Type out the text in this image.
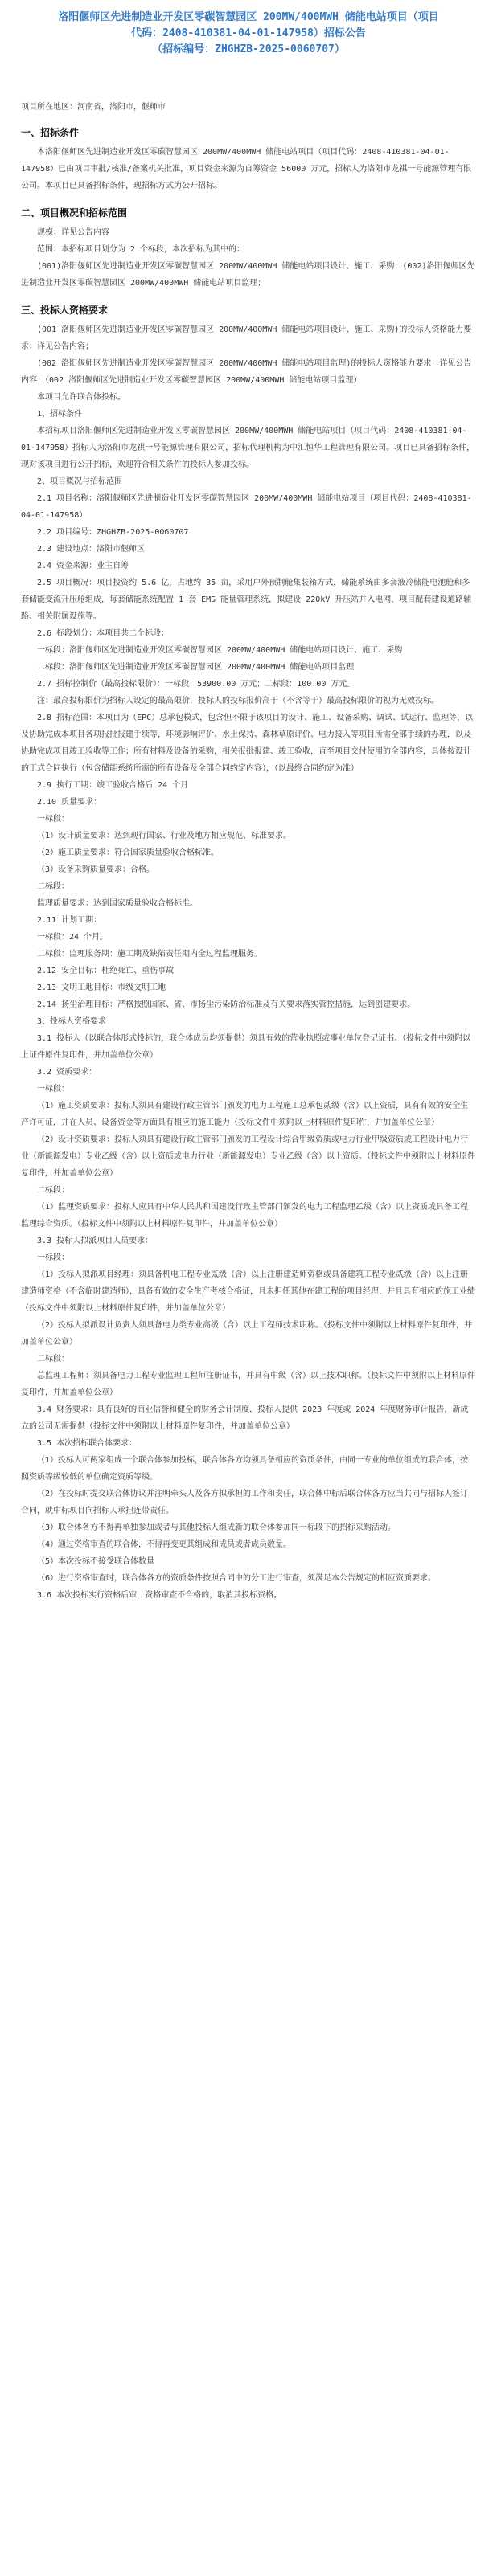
洛阳偃师区先进制造业开发区零碳智慧园区 200MW/400MWH 储能电站项目（项目
代码：2408-410381-04-01-147958）招标公告
（招标编号：ZHGHZB-2025-0060707）
项目所在地区：河南省，洛阳市，偃师市
一、招标条件

本洛阳偃师区先进制造业开发区零碳智慧园区 200MW/400MWH 储能电站项目（项目代码：2408-410381-04-01-147958）已由项目审批/核准/备案机关批准，项目资金来源为自筹资金 56000 万元，招标人为洛阳市龙祺一号能源管理有限公司。本项目已具备招标条件，现招标方式为公开招标。

二、项目概况和招标范围

规模：详见公告内容

范围：本招标项目划分为 2 个标段，本次招标为其中的：

(001)洛阳偃师区先进制造业开发区零碳智慧园区 200MW/400MWH 储能电站项目设计、施工、采购；(002)洛阳偃师区先进制造业开发区零碳智慧园区 200MW/400MWH 储能电站项目监理；

三、投标人资格要求

(001 洛阳偃师区先进制造业开发区零碳智慧园区 200MW/400MWH 储能电站项目设计、施工、采购)的投标人资格能力要求：详见公告内容；

(002 洛阳偃师区先进制造业开发区零碳智慧园区 200MW/400MWH 储能电站项目监理)的投标人资格能力要求：详见公告内容；（002 洛阳偃师区先进制造业开发区零碳智慧园区 200MW/400MWH 储能电站项目监理）

本项目允许联合体投标。

1、招标条件

本招标项目洛阳偃师区先进制造业开发区零碳智慧园区 200MW/400MWH 储能电站项目（项目代码：2408-410381-04-01-147958）招标人为洛阳市龙祺一号能源管理有限公司，招标代理机构为中汇恒华工程管理有限公司。项目已具备招标条件，现对该项目进行公开招标，欢迎符合相关条件的投标人参加投标。

2、项目概况与招标范围

2.1 项目名称：洛阳偃师区先进制造业开发区零碳智慧园区 200MW/400MWH 储能电站项目（项目代码：2408-410381-04-01-147958）

2.2 项目编号：ZHGHZB-2025-0060707

2.3 建设地点：洛阳市偃师区

2.4 资金来源：业主自筹

2.5 项目概况：项目投资约 5.6 亿，占地约 35 亩，采用户外预制舱集装箱方式，储能系统由多套液冷储能电池舱和多套储能变流升压舱组成，每套储能系统配置 1 套 EMS 能量管理系统，拟建设 220kV 升压站并入电网，项目配套建设道路辅路、相关附属设施等。

2.6 标段划分：本项目共二个标段：

一标段：洛阳偃师区先进制造业开发区零碳智慧园区 200MW/400MWH 储能电站项目设计、施工、采购

二标段：洛阳偃师区先进制造业开发区零碳智慧园区 200MW/400MWH 储能电站项目监理

2.7 招标控制价（最高投标限价）：一标段：53900.00 万元；二标段：100.00 万元。

注：最高投标限价为招标人设定的最高限价，投标人的投标报价高于（不含等于）最高投标限价的视为无效投标。

2.8 招标范围：本项目为（EPC）总承包模式，包含但不限于该项目的设计、施工、设备采购、调试、试运行、监理等，以及协助完成本项目各项报批报建手续等，环境影响评价、水土保持、森林草原评价、电力接入等项目所需全部手续的办理，以及协助完成项目竣工验收等工作；所有材料及设备的采购，相关报批报建、竣工验收，直至项目交付使用的全部内容，具体按设计的正式合同执行（包含储能系统所需的所有设备及全部合同约定内容），（以最终合同约定为准）

2.9 执行工期：竣工验收合格后 24 个月

2.10 质量要求：

一标段：

（1）设计质量要求：达到现行国家、行业及地方相应规范、标准要求。

（2）施工质量要求：符合国家质量验收合格标准。

（3）设备采购质量要求：合格。

二标段：

监理质量要求：达到国家质量验收合格标准。

2.11 计划工期：

一标段：24 个月。

二标段：监理服务期：施工期及缺陷责任期内全过程监理服务。

2.12 安全目标：杜绝死亡、重伤事故

2.13 文明工地目标：市级文明工地

2.14 扬尘治理目标：严格按照国家、省、市扬尘污染防治标准及有关要求落实管控措施，达到创建要求。

3、投标人资格要求

3.1 投标人（以联合体形式投标的，联合体成员均须提供）须具有效的营业执照或事业单位登记证书。（投标文件中须附以上证件原件复印件，并加盖单位公章）

3.2 资质要求：

一标段：

（1）施工资质要求：投标人须具有建设行政主管部门颁发的电力工程施工总承包贰级（含）以上资质，具有有效的安全生产许可证，并在人员、设备资金等方面具有相应的施工能力（投标文件中须附以上材料原件复印件，并加盖单位公章）

（2）设计资质要求：投标人须具有建设行政主管部门颁发的工程设计综合甲级资质或电力行业甲级资质或工程设计电力行业（新能源发电）专业乙级（含）以上资质或电力行业（新能源发电）专业乙级（含）以上资质。（投标文件中须附以上材料原件复印件，并加盖单位公章）

二标段：

（1）监理资质要求：投标人应具有中华人民共和国建设行政主管部门颁发的电力工程监理乙级（含）以上资质或具备工程监理综合资质。（投标文件中须附以上材料原件复印件，并加盖单位公章）

3.3 投标人拟派项目人员要求：

一标段：

（1）投标人拟派项目经理：须具备机电工程专业贰级（含）以上注册建造师资格或具备建筑工程专业贰级（含）以上注册建造师资格（不含临时建造师），具备有效的安全生产考核合格证，且未担任其他在建工程的项目经理，并且具有相应的施工业绩（投标文件中须附以上材料原件复印件，并加盖单位公章）

（2）投标人拟派设计负责人须具备电力类专业高级（含）以上工程师技术职称。（投标文件中须附以上材料原件复印件，并加盖单位公章）

二标段：

总监理工程师：须具备电力工程专业监理工程师注册证书，并具有中级（含）以上技术职称。（投标文件中须附以上材料原件复印件，并加盖单位公章）

3.4 财务要求：具有良好的商业信誉和健全的财务会计制度，投标人提供 2023 年度或 2024 年度财务审计报告，新成立的公司无需提供（投标文件中须附以上材料原件复印件，并加盖单位公章）

3.5 本次招标联合体要求：

（1）投标人可两家组成一个联合体参加投标，联合体各方均须具备相应的资质条件，由同一专业的单位组成的联合体，按照资质等级较低的单位确定资质等级。

（2）在投标时提交联合体协议并注明牵头人及各方拟承担的工作和责任，联合体中标后联合体各方应当共同与招标人签订合同，就中标项目向招标人承担连带责任。

（3）联合体各方不得再单独参加或者与其他投标人组成新的联合体参加同一标段下的招标采购活动。

（4）通过资格审查的联合体，不得再变更其组成和成员或者成员数量。

（5）本次投标不接受联合体数量

（6）进行资格审查时，联合体各方的资质条件按照合同中的分工进行审查，须满足本公告规定的相应资质要求。

3.6 本次投标实行资格后审，资格审查不合格的，取消其投标资格。
